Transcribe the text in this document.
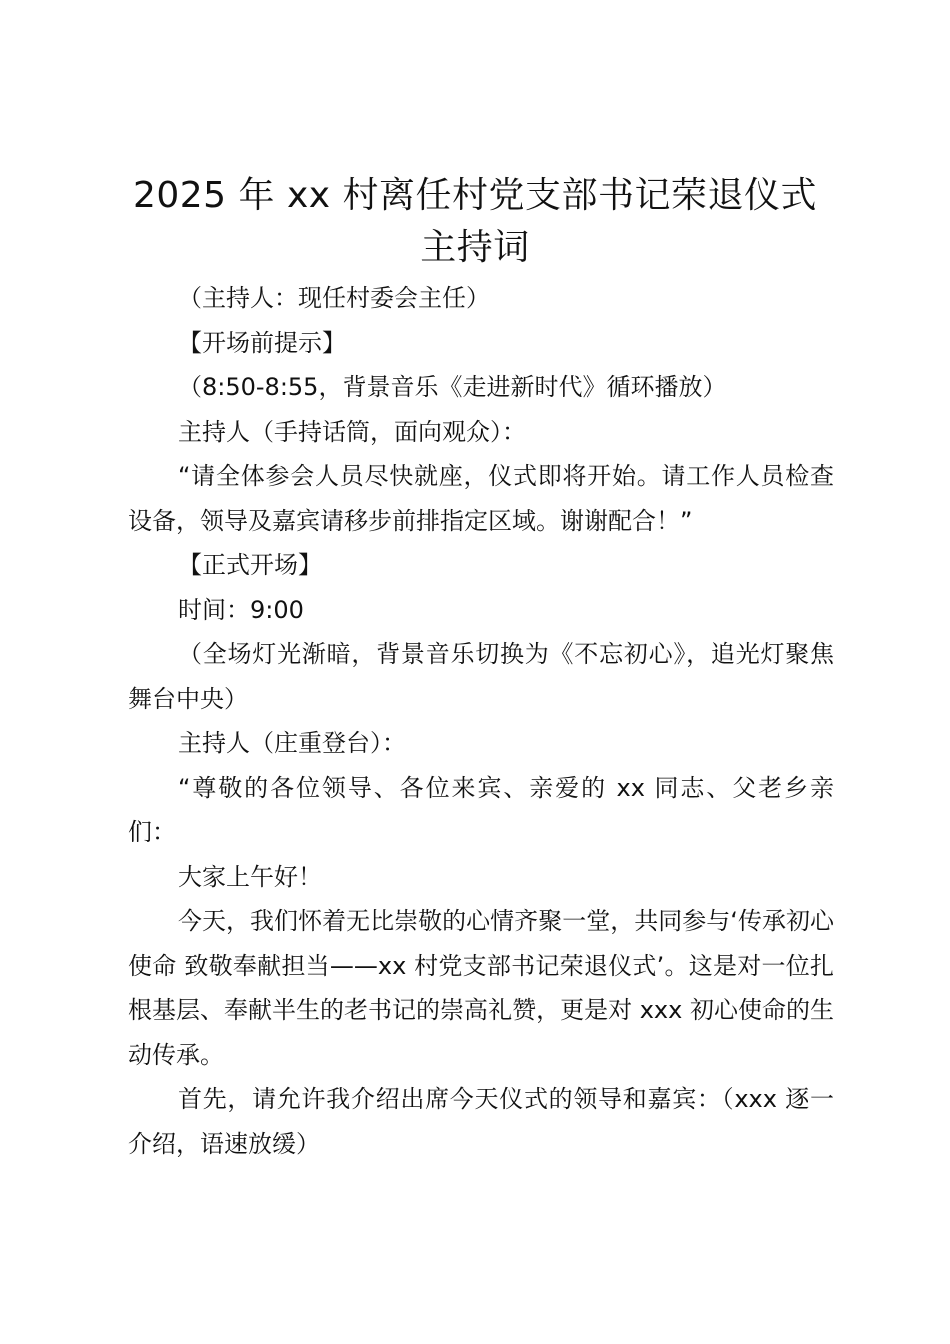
2025 年 xx 村离任村党支部书记荣退仪式主持词

（主持人：现任村委会主任）

【开场前提示】

（8:50-8:55，背景音乐《走进新时代》循环播放）

主持人（手持话筒，面向观众）：

“请全体参会人员尽快就座，仪式即将开始。请工作人员检查设备，领导及嘉宾请移步前排指定区域。谢谢配合！”

【正式开场】

时间：9:00

（全场灯光渐暗，背景音乐切换为《不忘初心》，追光灯聚焦舞台中央）

主持人（庄重登台）：

“尊敬的各位领导、各位来宾、亲爱的 xx 同志、父老乡亲们：

大家上午好！

今天，我们怀着无比崇敬的心情齐聚一堂，共同参与‘传承初心使命 致敬奉献担当——xx 村党支部书记荣退仪式’。这是对一位扎根基层、奉献半生的老书记的崇高礼赞，更是对 xxx 初心使命的生动传承。

首先，请允许我介绍出席今天仪式的领导和嘉宾：（xxx 逐一介绍，语速放缓）
